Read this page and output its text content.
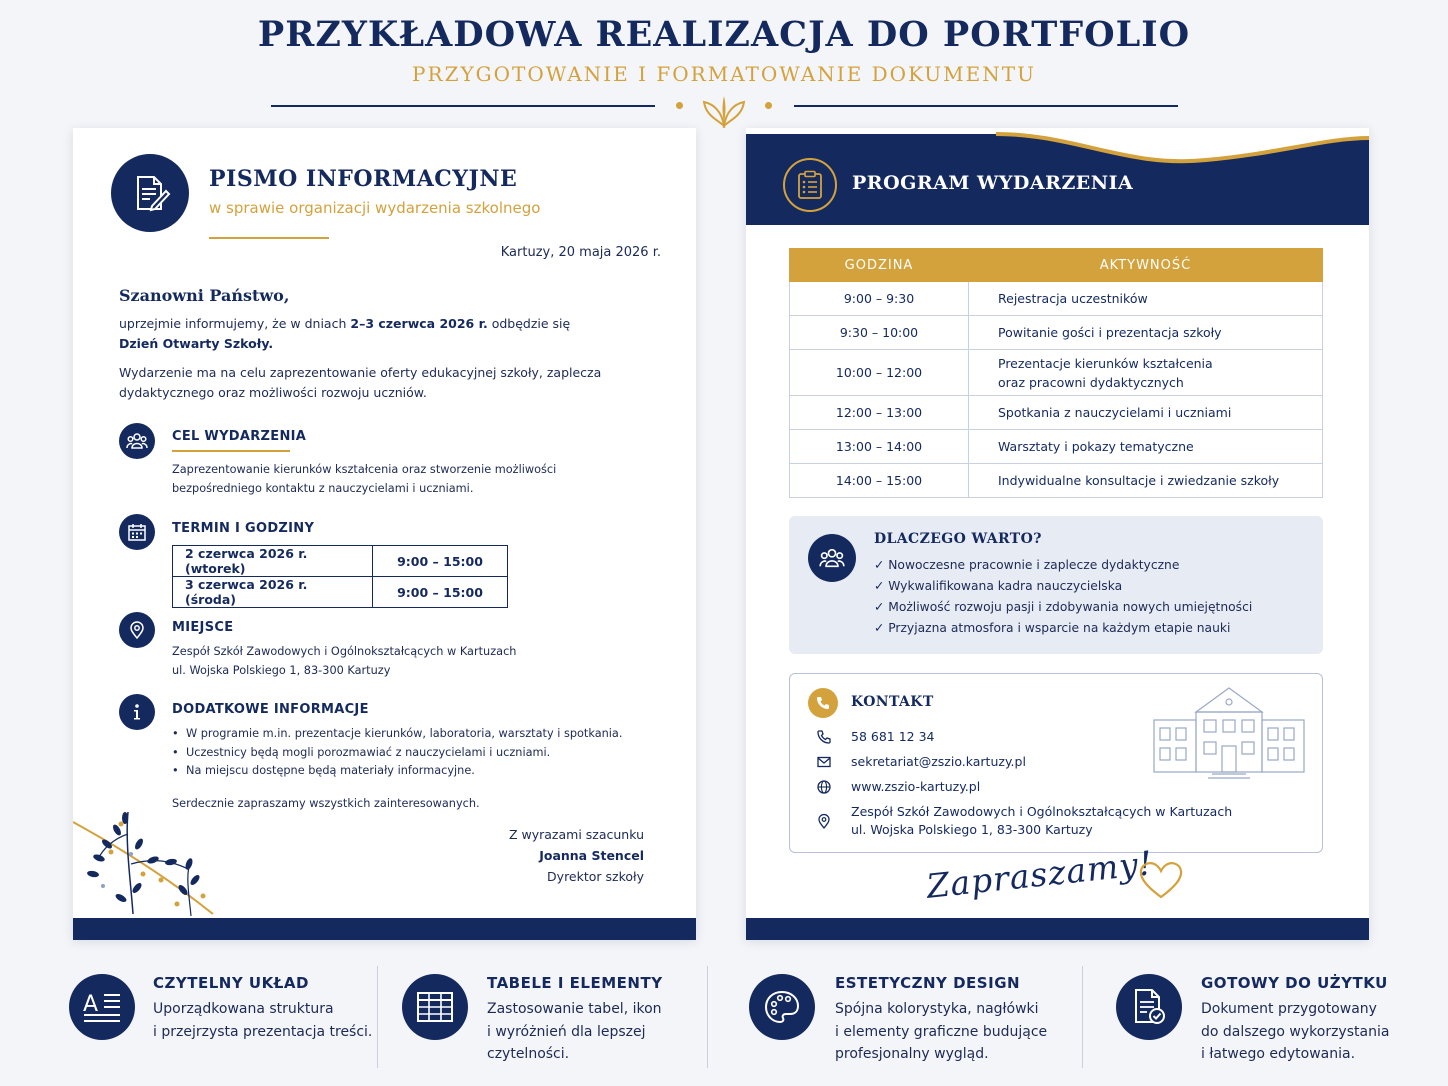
PRZYKŁADOWA REALIZACJA DO PORTFOLIO
PRZYGOTOWANIE I FORMATOWANIE DOKUMENTU
PISMO INFORMACYJNE
w sprawie organizacji wydarzenia szkolnego
Kartuzy, 20 maja 2026 r.
Szanowni Państwo,
uprzejmie informujemy, że w dniach 2–3 czerwca 2026 r. odbędzie się
Dzień Otwarty Szkoły.
Wydarzenie ma na celu zaprezentowanie oferty edukacyjnej szkoły, zaplecza
dydaktycznego oraz możliwości rozwoju uczniów.
CEL WYDARZENIA
Zaprezentowanie kierunków kształcenia oraz stworzenie możliwości
bezpośredniego kontaktu z nauczycielami i uczniami.
TERMIN I GODZINY
2 czerwca 2026 r. (wtorek)	9:00 – 15:00
3 czerwca 2026 r. (środa)	9:00 – 15:00
MIEJSCE
Zespół Szkół Zawodowych i Ogólnokształcących w Kartuzach
ul. Wojska Polskiego 1, 83-300 Kartuzy
DODATKOWE INFORMACJE
• W programie m.in. prezentacje kierunków, laboratoria, warsztaty i spotkania.
• Uczestnicy będą mogli porozmawiać z nauczycielami i uczniami.
• Na miejscu dostępne będą materiały informacyjne.
Serdecznie zapraszamy wszystkich zainteresowanych.
Z wyrazami szacunku
Joanna Stencel
Dyrektor szkoły
PROGRAM WYDARZENIA
GODZINA	AKTYWNOŚĆ
9:00 – 9:30	Rejestracja uczestników
9:30 – 10:00	Powitanie gości i prezentacja szkoły
10:00 – 12:00	Prezentacje kierunków kształcenia
oraz pracowni dydaktycznych

12:00 – 13:00	Spotkania z nauczycielami i uczniami
13:00 – 14:00	Warsztaty i pokazy tematyczne
14:00 – 15:00	Indywidualne konsultacje i zwiedzanie szkoły
DLACZEGO WARTO?
✓ Nowoczesne pracownie i zaplecze dydaktyczne
✓ Wykwalifikowana kadra nauczycielska
✓ Możliwość rozwoju pasji i zdobywania nowych umiejętności
✓ Przyjazna atmosfora i wsparcie na każdym etapie nauki
KONTAKT
58 681 12 34
sekretariat@zszio.kartuzy.pl
www.zszio-kartuzy.pl
Zespół Szkół Zawodowych i Ogólnokształcących w Kartuzach
ul. Wojska Polskiego 1, 83-300 Kartuzy
Zapraszamy!
A
CZYTELNY UKŁAD
Uporządkowana struktura
i przejrzysta prezentacja treści.
TABELE I ELEMENTY
Zastosowanie tabel, ikon
i wyróżnień dla lepszej
czytelności.
ESTETYCZNY DESIGN
Spójna kolorystyka, nagłówki
i elementy graficzne budujące
profesjonalny wygląd.
GOTOWY DO UŻYTKU
Dokument przygotowany
do dalszego wykorzystania
i łatwego edytowania.
